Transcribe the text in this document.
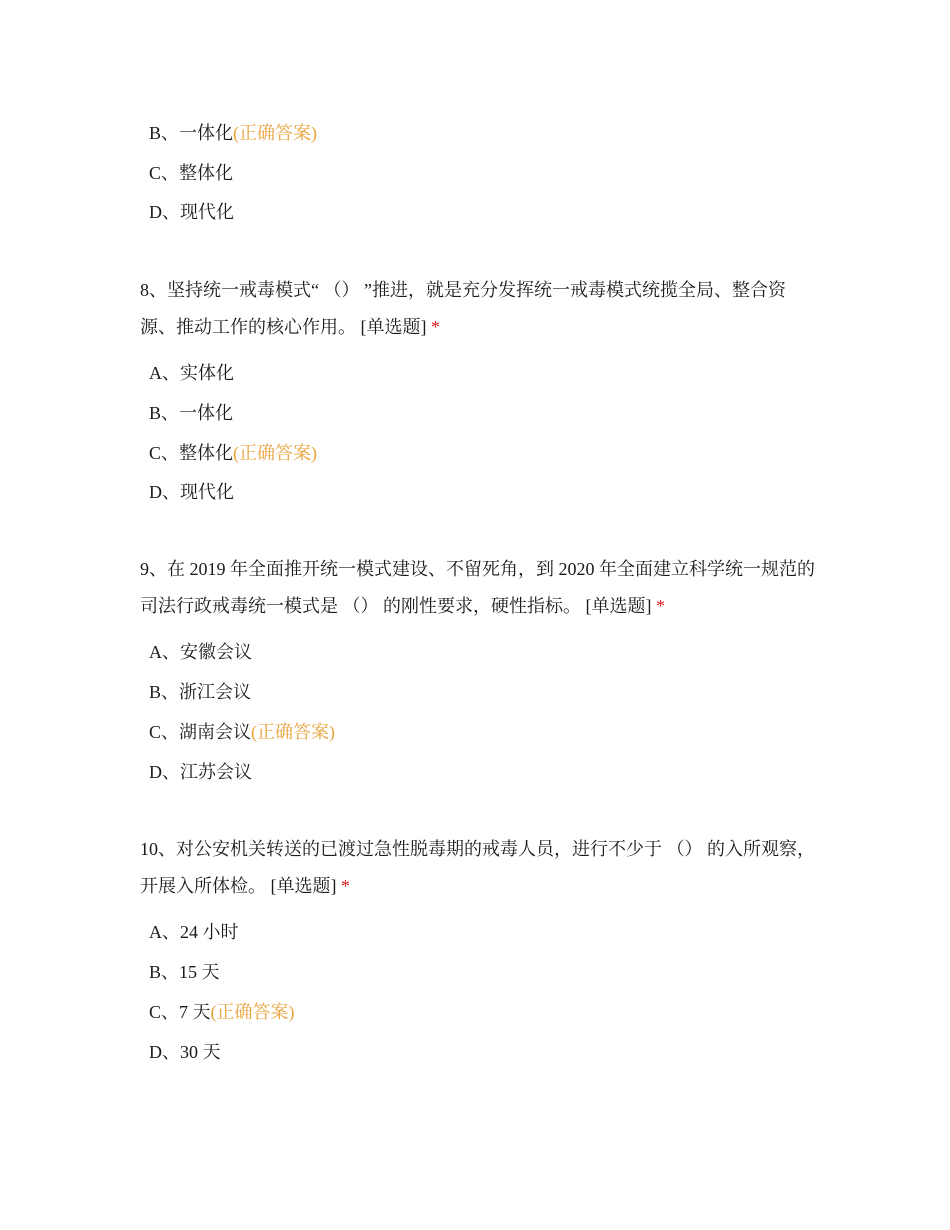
B、一体化(正确答案)
C、整体化
D、现代化
8、坚持统一戒毒模式“ （） ”推进，就是充分发挥统一戒毒模式统揽全局、整合资源、推动工作的核心作用。 [单选题] *
A、实体化
B、一体化
C、整体化(正确答案)
D、现代化
9、在 2019 年全面推开统一模式建设、不留死角，到 2020 年全面建立科学统一规范的司法行政戒毒统一模式是 （） 的刚性要求，硬性指标。 [单选题] *
A、安徽会议
B、浙江会议
C、湖南会议(正确答案)
D、江苏会议
10、对公安机关转送的已渡过急性脱毒期的戒毒人员，进行不少于 （） 的入所观察，开展入所体检。 [单选题] *
A、24 小时
B、15 天
C、7 天(正确答案)
D、30 天
